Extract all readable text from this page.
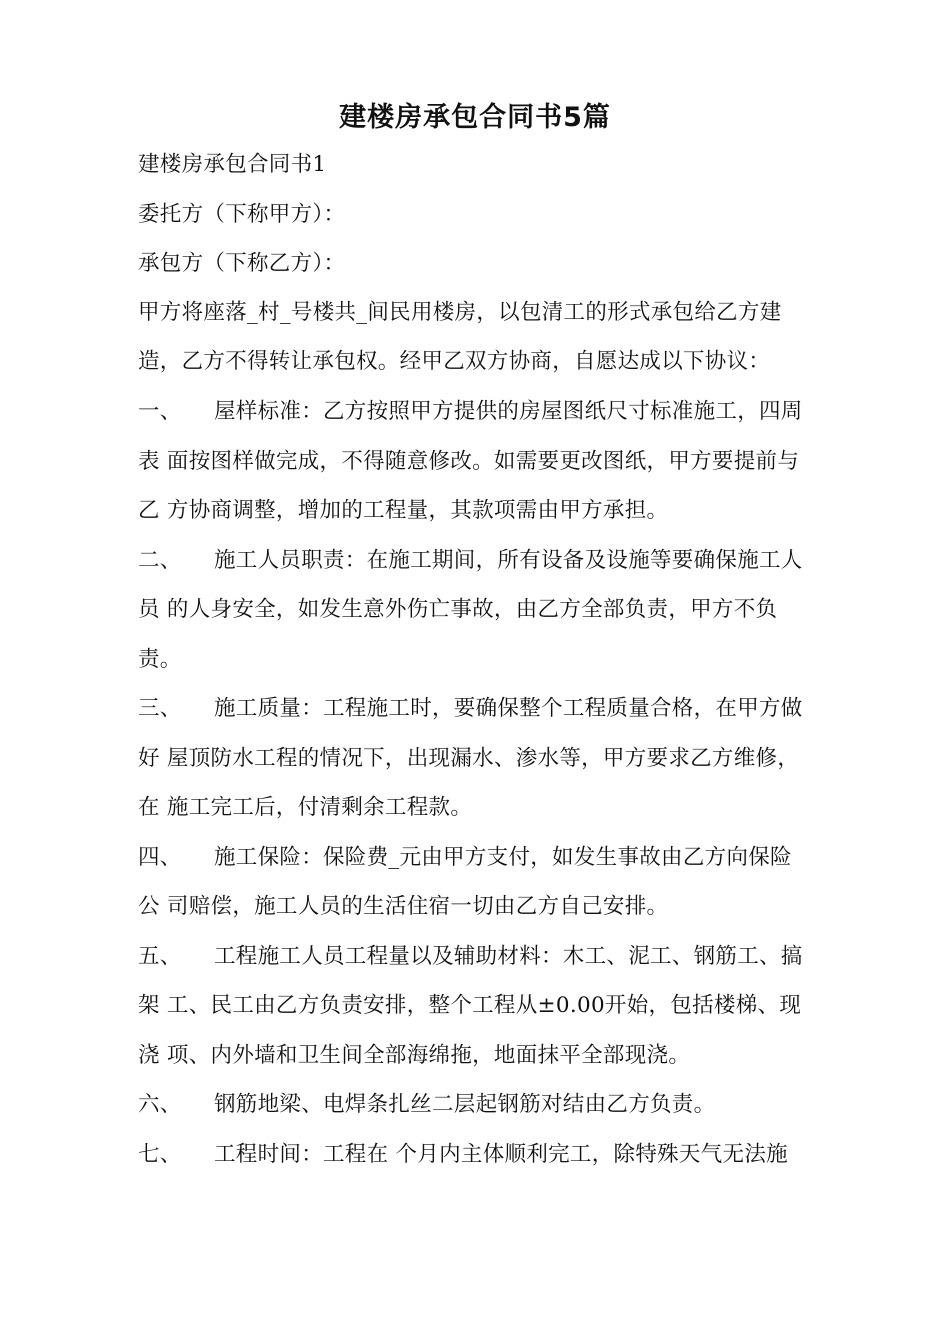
建楼房承包合同书5篇
建楼房承包合同书1
委托方（下称甲方）：
承包方（下称乙方）：
甲方将座落_村_号楼共_间民用楼房，以包清工的形式承包给乙方建
造，乙方不得转让承包权。经甲乙双方协商，自愿达成以下协议：
一、 屋样标准：乙方按照甲方提供的房屋图纸尺寸标准施工，四周
表 面按图样做完成，不得随意修改。如需要更改图纸，甲方要提前与
乙 方协商调整，增加的工程量，其款项需由甲方承担。
二、 施工人员职责：在施工期间，所有设备及设施等要确保施工人
员 的人身安全，如发生意外伤亡事故，由乙方全部负责，甲方不负
责。
三、 施工质量：工程施工时，要确保整个工程质量合格，在甲方做
好 屋顶防水工程的情况下，出现漏水、渗水等，甲方要求乙方维修，
在 施工完工后，付清剩余工程款。
四、 施工保险：保险费_元由甲方支付，如发生事故由乙方向保险
公 司赔偿，施工人员的生活住宿一切由乙方自己安排。
五、 工程施工人员工程量以及辅助材料：木工、泥工、钢筋工、搞
架 工、民工由乙方负责安排，整个工程从±0.00开始，包括楼梯、现
浇 项、内外墙和卫生间全部海绵拖，地面抹平全部现浇。
六、 钢筋地梁、电焊条扎丝二层起钢筋对结由乙方负责。
七、 工程时间：工程在 个月内主体顺利完工，除特殊天气无法施
